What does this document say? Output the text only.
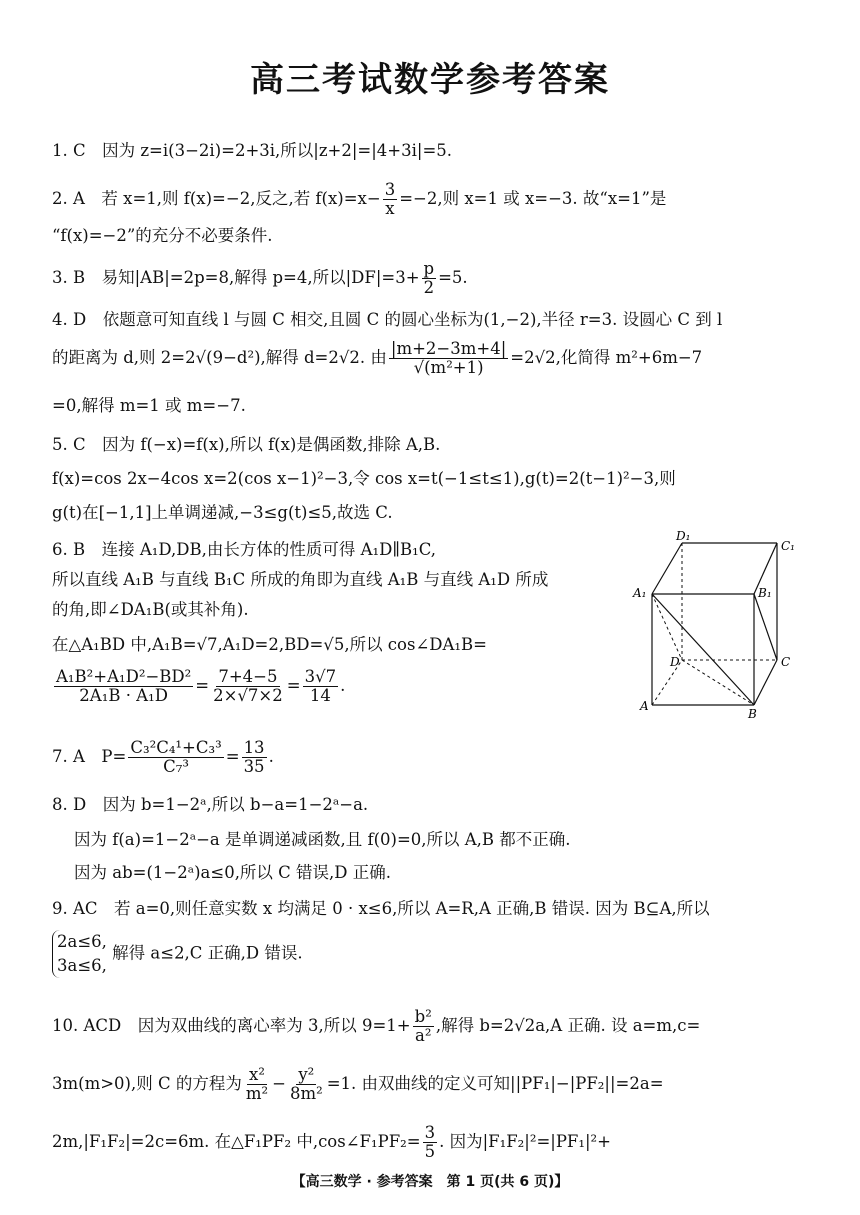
高三考试数学参考答案
1. C　因为 z=i(3−2i)=2+3i,所以|z+2|=|4+3i|=5.
2. A　若 x=1,则 f(x)=−2,反之,若 $f(x)=x- \frac{3}{x} =-2$,则 x=1 或 x=−3. 故“x=1”是
“f(x)=−2”的充分不必要条件.
3. B　易知|AB|=2p=8,解得 p=4,所以$|DF|=3+ \frac{p}{2} =5$.
4. D　依题意可知直线 l 与圆 C 相交,且圆 C 的圆心坐标为(1,−2),半径 r=3. 设圆心 C 到 l
的距离为 d,则 2=2√(9−d²),解得 d=2√2. 由 $\frac{|m+2-3m+4|}{\text{√(m²+1)}} =2√2$,化简得 m²+6m−7
=0,解得 m=1 或 m=−7.
5. C　因为 f(−x)=f(x),所以 f(x)是偶函数,排除 A,B.
f(x)=cos 2x−4cos x=2(cos x−1)²−3,令 cos x=t(−1≤t≤1),g(t)=2(t−1)²−3,则
g(t)在[−1,1]上单调递减,−3≤g(t)≤5,故选 C.
6. B　连接 A₁D,DB,由长方体的性质可得 A₁D∥B₁C,
所以直线 A₁B 与直线 B₁C 所成的角即为直线 A₁B 与直线 A₁D 所成
的角,即∠DA₁B(或其补角).
在△A₁BD 中,A₁B=√7,A₁D=2,BD=√5,所以 cos∠DA₁B=
$\frac{\text{A₁B²+A₁D²−BD²}}{\text{2A₁B · A₁D}} = \frac{7+4-5}{2\times√7\times 2} = \frac{3√7}{14}$ .
D₁
C₁
A₁	B₁
D	C
A
B
7. A　$P= \frac{\text{C₃²C₄¹+C₃³}}{\text{C₇³}} = \frac{13}{35}$ .
8. D　因为 b=1−2ᵃ,所以 b−a=1−2ᵃ−a.
因为 f(a)=1−2ᵃ−a 是单调递减函数,且 f(0)=0,所以 A,B 都不正确.
因为 ab=(1−2ᵃ)a≤0,所以 C 错误,D 正确.
9. AC　若 a=0,则任意实数 x 均满足 0 · x≤6,所以 A=R,A 正确,B 错误. 因为 B⊆A,所以
2a≤6,
3a≤6, 解得 a≤2,C 正确,D 错误.
10. ACD　因为双曲线的离心率为 3,所以 $9=1+ \frac{\text{b²}}{\text{a²}}$ ,解得 b=2√2a,A 正确. 设 a=m,c=
3m(m>0),则 C 的方程为 $\frac{\text{x²}}{\text{m²}} - \frac{\text{y²}}{\text{8m²}} =1$. 由双曲线的定义可知||PF₁|−|PF₂||=2a=
2m,|F₁F₂|=2c=6m. 在△F₁PF₂ 中,cos∠F₁PF₂= $\frac{3}{5}$ . 因为|F₁F₂|²=|PF₁|²+
【高三数学 · 参考答案　第 1 页(共 6 页)】
